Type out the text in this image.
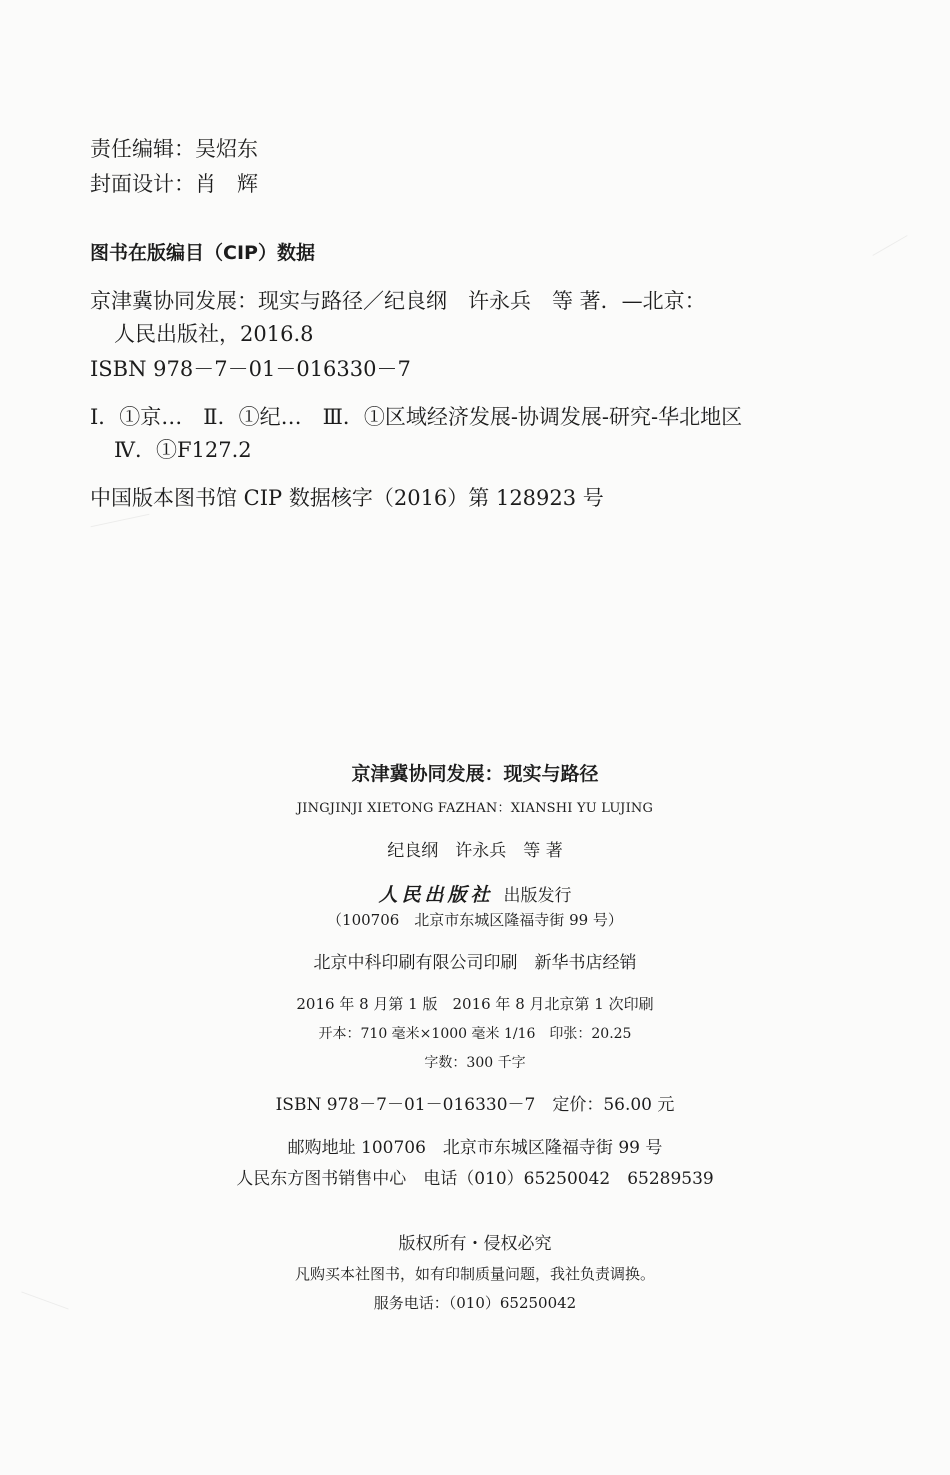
责任编辑：吴炤东
封面设计：肖　辉
图书在版编目（CIP）数据
京津冀协同发展：现实与路径／纪良纲　许永兵　等 著．—北京：
人民出版社，2016.8
ISBN 978－7－01－016330－7
Ⅰ．①京…　Ⅱ．①纪…　Ⅲ．①区域经济发展-协调发展-研究-华北地区
Ⅳ．①F127.2
中国版本图书馆 CIP 数据核字（2016）第 128923 号
京津冀协同发展：现实与路径
JINGJINJI XIETONG FAZHAN：XIANSHI YU LUJING
纪良纲　许永兵　等 著
人民出版社 出版发行
（100706　北京市东城区隆福寺街 99 号）
北京中科印刷有限公司印刷　新华书店经销
2016 年 8 月第 1 版　2016 年 8 月北京第 1 次印刷
开本：710 毫米×1000 毫米 1/16　印张：20.25
字数：300 千字
ISBN 978－7－01－016330－7　定价：56.00 元
邮购地址 100706　北京市东城区隆福寺街 99 号
人民东方图书销售中心　电话（010）65250042　65289539
版权所有・侵权必究
凡购买本社图书，如有印制质量问题，我社负责调换。
服务电话：（010）65250042
